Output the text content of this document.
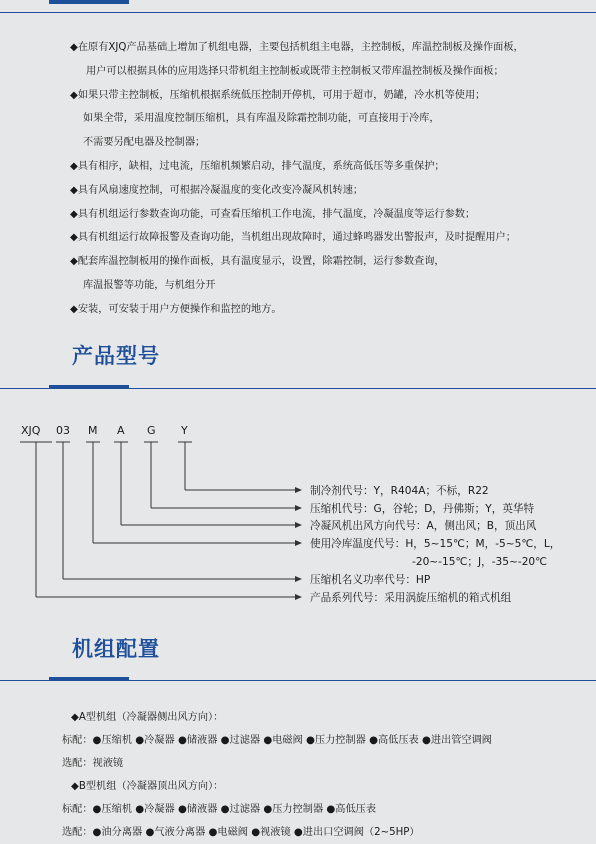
◆在原有XJQ产品基础上增加了机组电器，主要包括机组主电器，主控制板，库温控制板及操作面板，
用户可以根据具体的应用选择只带机组主控制板或既带主控制板又带库温控制板及操作面板；
◆如果只带主控制板，压缩机根据系统低压控制开停机，可用于超市，奶罐，冷水机等使用；
如果全带，采用温度控制压缩机，具有库温及除霜控制功能，可直接用于冷库，
不需要另配电器及控制器；
◆具有相序，缺相，过电流，压缩机频繁启动，排气温度，系统高低压等多重保护；
◆具有风扇速度控制，可根据冷凝温度的变化改变冷凝风机转速；
◆具有机组运行参数查询功能，可查看压缩机工作电流，排气温度，冷凝温度等运行参数；
◆具有机组运行故障报警及查询功能，当机组出现故障时，通过蜂鸣器发出警报声，及时提醒用户；
◆配套库温控制板用的操作面板，具有温度显示，设置，除霜控制，运行参数查询，
库温报警等功能，与机组分开
◆安装，可安装于用户方便操作和监控的地方。
产品型号
XJQ 03 M A G Y
制冷剂代号：Y，R404A；不标，R22
压缩机代号：G，谷轮；D，丹佛斯；Y，英华特
冷凝风机出风方向代号：A，侧出风；B，顶出风
使用冷库温度代号：H，5~15℃；M，-5~5℃，L，
-20~-15℃；J，-35~-20℃
压缩机名义功率代号：HP
产品系列代号：采用涡旋压缩机的箱式机组
机组配置
◆A型机组（冷凝器侧出风方向）：
标配：●压缩机 ●冷凝器 ●储液器 ●过滤器 ●电磁阀 ●压力控制器 ●高低压表 ●进出管空调阀
选配：视液镜
◆B型机组（冷凝器顶出风方向）：
标配：●压缩机 ●冷凝器 ●储液器 ●过滤器 ●压力控制器 ●高低压表
选配：●油分离器 ●气液分离器 ●电磁阀 ●视液镜 ●进出口空调阀（2~5HP）
